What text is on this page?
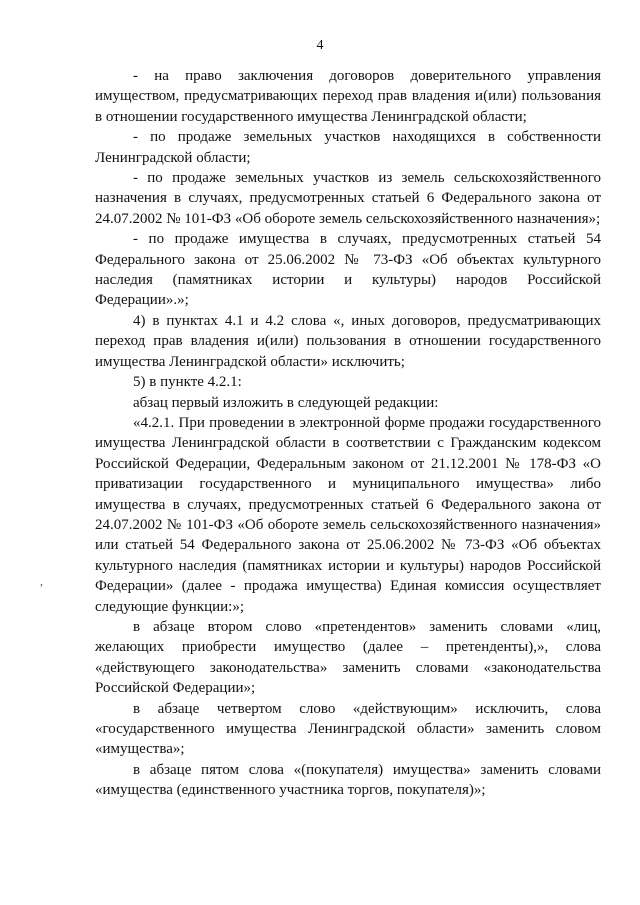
4

- на право заключения договоров доверительного управления имуществом, предусматривающих переход прав владения и(или) пользования в отношении государственного имущества Ленинградской области;

- по продаже земельных участков находящихся в собственности Ленинградской области;

- по продаже земельных участков из земель сельскохозяйственного назначения в случаях, предусмотренных статьей 6 Федерального закона от 24.07.2002 № 101-ФЗ «Об обороте земель сельскохозяйственного назначения»;

- по продаже имущества в случаях, предусмотренных статьей 54 Федерального закона от 25.06.2002 № 73-ФЗ «Об объектах культурного наследия (памятниках истории и культуры) народов Российской Федерации».»;

4) в пунктах 4.1 и 4.2 слова «, иных договоров, предусматривающих переход прав владения и(или) пользования в отношении государственного имущества Ленинградской области» исключить;

5) в пункте 4.2.1:

абзац первый изложить в следующей редакции:

«4.2.1. При проведении в электронной форме продажи государственного имущества Ленинградской области в соответствии с Гражданским кодексом Российской Федерации, Федеральным законом от 21.12.2001 № 178-ФЗ «О приватизации государственного и муниципального имущества» либо имущества в случаях, предусмотренных статьей 6 Федерального закона от 24.07.2002 № 101-ФЗ «Об обороте земель сельскохозяйственного назначения» или статьей 54 Федерального закона от 25.06.2002 № 73-ФЗ «Об объектах культурного наследия (памятниках истории и культуры) народов Российской Федерации» (далее - продажа имущества) Единая комиссия осуществляет следующие функции:»;

в абзаце втором слово «претендентов» заменить словами «лиц, желающих приобрести имущество (далее – претенденты),», слова «действующего законодательства» заменить словами «законодательства Российской Федерации»;

в абзаце четвертом слово «действующим» исключить, слова «государственного имущества Ленинградской области» заменить словом «имущества»;

в абзаце пятом слова «(покупателя) имущества» заменить словами «имущества (единственного участника торгов, покупателя)»;

,
